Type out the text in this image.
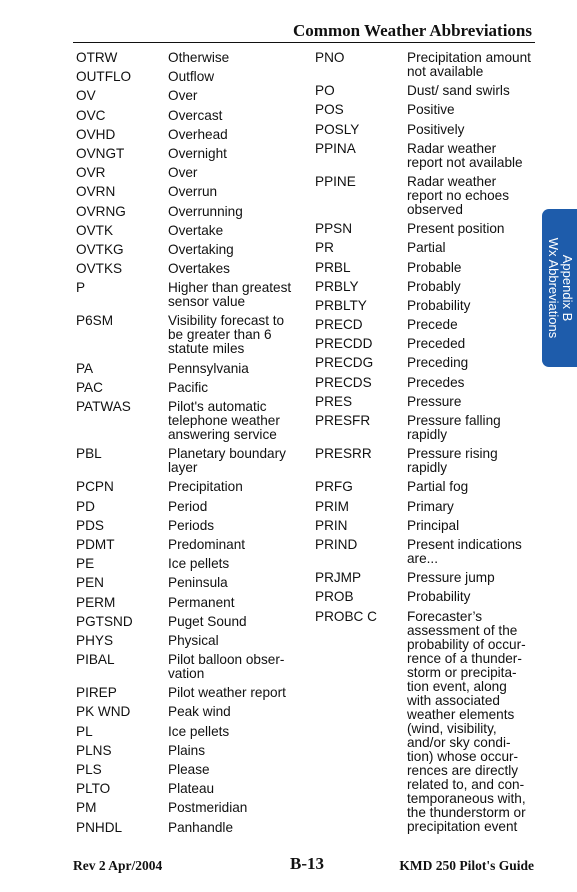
Common Weather Abbreviations
OTRW	Otherwise
OUTFLO	Outflow
OV	Over
OVC	Overcast
OVHD	Overhead
OVNGT	Overnight
OVR	Over
OVRN	Overrun
OVRNG	Overrunning
OVTK	Overtake
OVTKG	Overtaking
OVTKS	Overtakes
P	Higher than greatest
sensor value
P6SM	Visibility forecast to
be greater than 6
statute miles
PA	Pennsylvania
PAC	Pacific
PATWAS	Pilot's automatic
telephone weather
answering service
PBL	Planetary boundary
layer
PCPN	Precipitation
PD	Period
PDS	Periods
PDMT	Predominant
PE	Ice pellets
PEN	Peninsula
PERM	Permanent
PGTSND	Puget Sound
PHYS	Physical
PIBAL	Pilot balloon obser-
vation
PIREP	Pilot weather report
PK WND	Peak wind
PL	Ice pellets
PLNS	Plains
PLS	Please
PLTO	Plateau
PM	Postmeridian
PNHDL	Panhandle
PNO	Precipitation amount
not available
PO	Dust/ sand swirls
POS	Positive
POSLY	Positively
PPINA	Radar weather
report not available
PPINE	Radar weather
report no echoes
observed
PPSN	Present position
PR	Partial
PRBL	Probable
PRBLY	Probably
PRBLTY	Probability
PRECD	Precede
PRECDD	Preceded
PRECDG	Preceding
PRECDS	Precedes
PRES	Pressure
PRESFR	Pressure falling
rapidly
PRESRR	Pressure rising
rapidly
PRFG	Partial fog
PRIM	Primary
PRIN	Principal
PRIND	Present indications
are...
PRJMP	Pressure jump
PROB	Probability
PROBC C	Forecaster’s
assessment of the
probability of occur-
rence of a thunder-
storm or precipita-
tion event, along
with associated
weather elements
(wind, visibility,
and/or sky condi-
tion) whose occur-
rences are directly
related to, and con-
temporaneous with,
the thunderstorm or
precipitation event
Appendix B
Wx Abbreviations
Rev 2 Apr/2004	B-13	KMD 250 Pilot's Guide
